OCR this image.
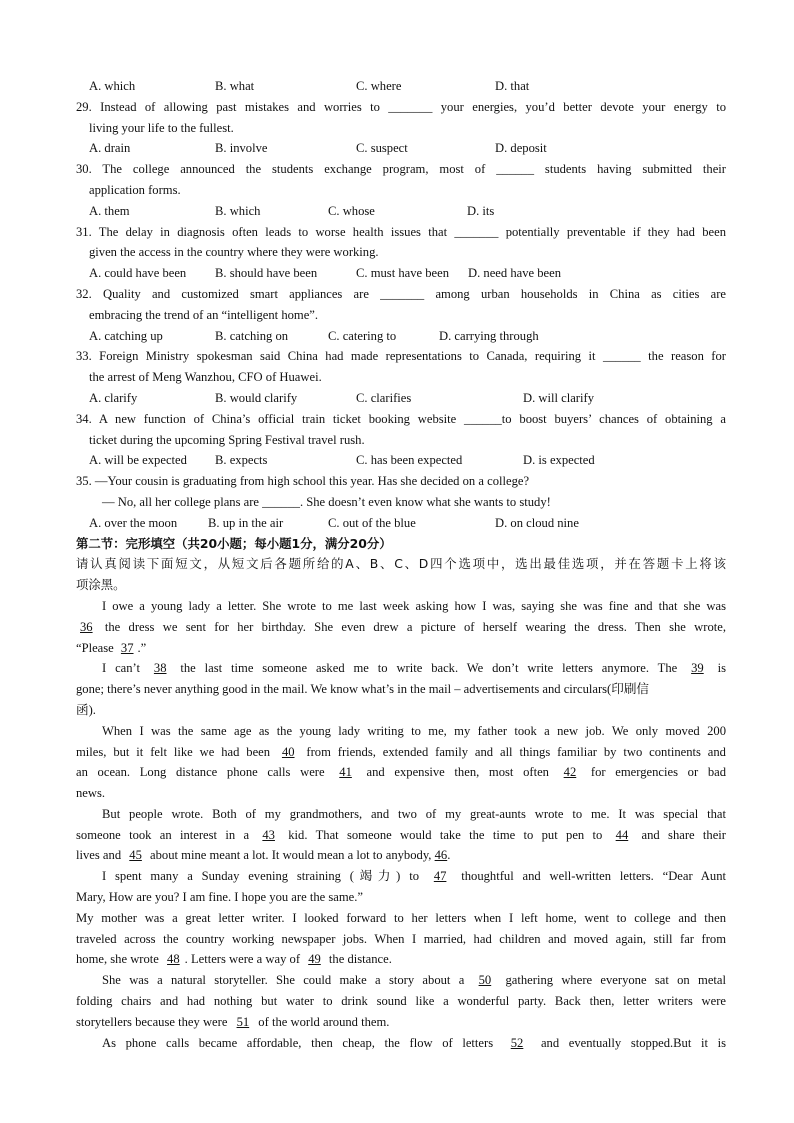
A. which	B. what	C. where	D. that
29. Instead of allowing past mistakes and worries to _______ your energies, you’d better devote your energy to
living your life to the fullest.
A. drain	B. involve	C. suspect	D. deposit
30. The college announced the students exchange program, most of ______ students having submitted their
application forms.
A. them	B. which	C. whose	D. its
31. The delay in diagnosis often leads to worse health issues that _______ potentially preventable if they had been
given the access in the country where they were working.
A. could have been	B. should have been	C. must have been	D. need have been
32. Quality and customized smart appliances are _______ among urban households in China as cities are
embracing the trend of an “intelligent home”.
A. catching up	B. catching on	C. catering to	D. carrying through
33. Foreign Ministry spokesman said China had made representations to Canada, requiring it ______ the reason for
the arrest of Meng Wanzhou, CFO of Huawei.
A. clarify	B. would clarify	C. clarifies	D. will clarify
34. A new function of China’s official train ticket booking website ______to boost buyers’ chances of obtaining a
ticket during the upcoming Spring Festival travel rush.
A. will be expected	B. expects	C. has been expected	D. is expected
35. —Your cousin is graduating from high school this year. Has she decided on a college?
— No, all her college plans are ______. She doesn’t even know what she wants to study!
A. over the moon	B. up in the air	C. out of the blue	D. on cloud nine
第二节：完形填空（共20小题；每小题1分，满分20分）
请认真阅读下面短文，从短文后各题所给的A、B、C、D四个选项中，选出最佳选项，并在答题卡上将该
项涂黑。
I owe a young lady a letter. She wrote to me last week asking how I was, saying she was fine and that she was
36 the dress we sent for her birthday. She even drew a picture of herself wearing the dress. Then she wrote,
“Please 37 .”
I can’t 38 the last time someone asked me to write back. We don’t write letters anymore. The 39 is
gone; there’s never anything good in the mail. We know what’s in the mail – advertisements and circulars(印刷信
函).
When I was the same age as the young lady writing to me, my father took a new job. We only moved 200
miles, but it felt like we had been 40 from friends, extended family and all things familiar by two continents and
an ocean. Long distance phone calls were 41 and expensive then, most often 42 for emergencies or bad
news.
But people wrote. Both of my grandmothers, and two of my great-aunts wrote to me. It was special that
someone took an interest in a 43 kid. That someone would take the time to put pen to 44 and share their
lives and 45 about mine meant a lot. It would mean a lot to anybody, 46.
I spent many a Sunday evening straining (竭力) to 47 thoughtful and well-written letters. “Dear Aunt
Mary, How are you? I am fine. I hope you are the same.”
My mother was a great letter writer. I looked forward to her letters when I left home, went to college and then
traveled across the country working newspaper jobs. When I married, had children and moved again, still far from
home, she wrote 48 . Letters were a way of 49 the distance.
She was a natural storyteller. She could make a story about a 50 gathering where everyone sat on metal
folding chairs and had nothing but water to drink sound like a wonderful party. Back then, letter writers were
storytellers because they were 51 of the world around them.
As phone calls became affordable, then cheap, the flow of letters 52 and eventually stopped.But it is
